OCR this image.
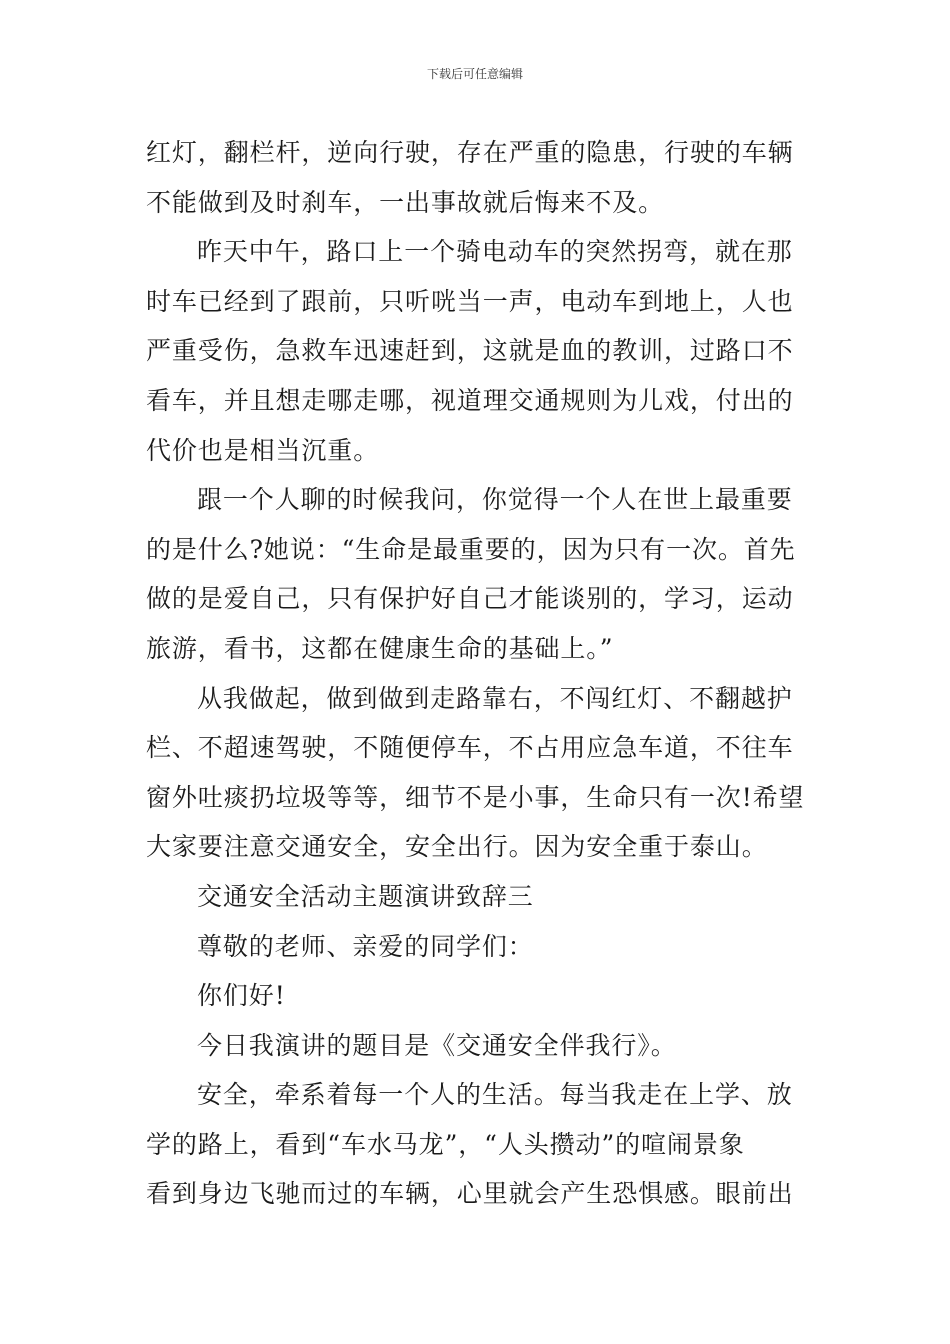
下载后可任意编辑
红灯，翻栏杆，逆向行驶，存在严重的隐患，行驶的车辆
不能做到及时刹车，一出事故就后悔来不及。
昨天中午，路口上一个骑电动车的突然拐弯，就在那
时车已经到了跟前，只听咣当一声，电动车到地上，人也
严重受伤，急救车迅速赶到，这就是血的教训，过路口不
看车，并且想走哪走哪，视道理交通规则为儿戏，付出的
代价也是相当沉重。
跟一个人聊的时候我问，你觉得一个人在世上最重要
的是什么?她说：“生命是最重要的，因为只有一次。首先
做的是爱自己，只有保护好自己才能谈别的，学习，运动
旅游，看书，这都在健康生命的基础上。”
从我做起，做到做到走路靠右，不闯红灯、不翻越护
栏、不超速驾驶，不随便停车，不占用应急车道，不往车
窗外吐痰扔垃圾等等，细节不是小事，生命只有一次!希望
大家要注意交通安全，安全出行。因为安全重于泰山。
交通安全活动主题演讲致辞三
尊敬的老师、亲爱的同学们：
你们好!
今日我演讲的题目是《交通安全伴我行》。
安全，牵系着每一个人的生活。每当我走在上学、放
学的路上，看到“车水马龙”，“人头攒动”的喧闹景象
看到身边飞驰而过的车辆，心里就会产生恐惧感。眼前出
